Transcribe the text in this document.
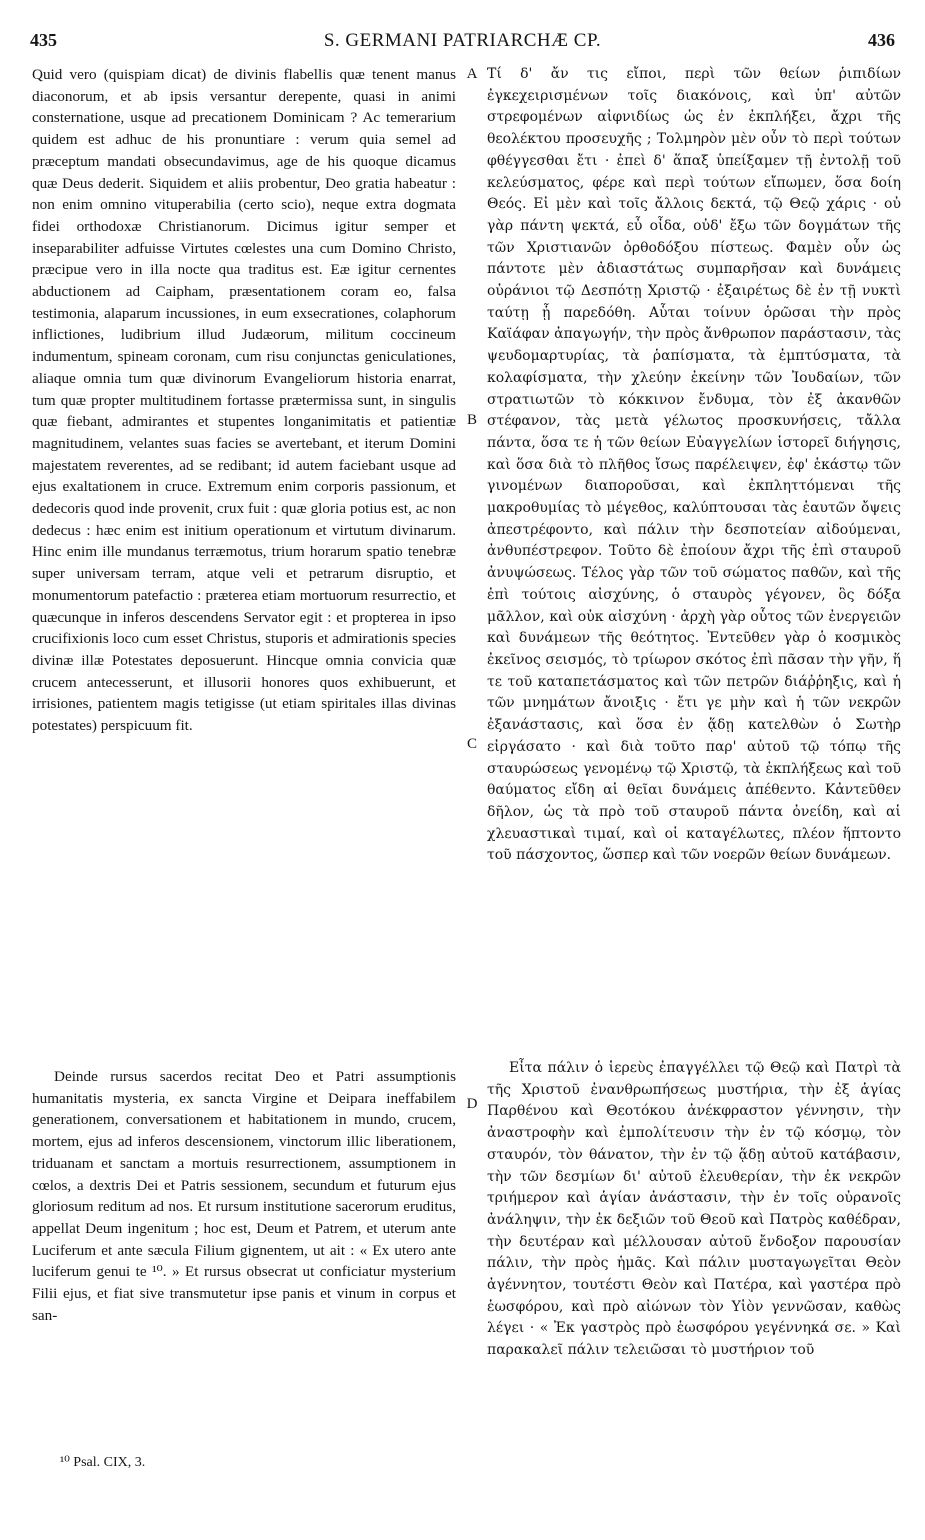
435	S. GERMANI PATRIARCHÆ CP.	436

Quid vero (quispiam dicat) de divinis flabellis quæ tenent manus diaconorum, et ab ipsis versantur derepente, quasi in animi consternatione, usque ad precationem Dominicam ? Ac temerarium quidem est adhuc de his pronuntiare : verum quia semel ad præceptum mandati obsecundavimus, age de his quoque dicamus quæ Deus dederit. Siquidem et aliis probentur, Deo gratia habeatur : non enim omnino vituperabilia (certo scio), neque extra dogmata fidei orthodoxæ Christianorum. Dicimus igitur semper et inseparabiliter adfuisse Virtutes cœlestes una cum Domino Christo, præcipue vero in illa nocte qua traditus est. Eæ igitur cernentes abductionem ad Caipham, præsentationem coram eo, falsa testimonia, alaparum incussiones, in eum exsecrationes, colaphorum inflictiones, ludibrium illud Judæorum, militum coccineum indumentum, spineam coronam, cum risu conjunctas geniculationes, aliaque omnia tum quæ divinorum Evangeliorum historia enarrat, tum quæ propter multitudinem fortasse prætermissa sunt, in singulis quæ fiebant, admirantes et stupentes longanimitatis et patientiæ magnitudinem, velantes suas facies se avertebant, et iterum Domini majestatem reverentes, ad se redibant; id autem faciebant usque ad ejus exaltationem in cruce. Extremum enim corporis passionum, et dedecoris quod inde provenit, crux fuit : quæ gloria potius est, ac non dedecus : hæc enim est initium operationum et virtutum divinarum. Hinc enim ille mundanus terræmotus, trium horarum spatio tenebræ super universam terram, atque veli et petrarum disruptio, et monumentorum patefactio : præterea etiam mortuorum resurrectio, et quæcunque in inferos descendens Servator egit : et propterea in ipso crucifixionis loco cum esset Christus, stuporis et admirationis species divinæ illæ Potestates deposuerunt. Hincque omnia convicia quæ crucem antecesserunt, et illusorii honores quos exhibuerunt, et irrisiones, patientem magis tetigisse (ut etiam spiritales illas divinas potestates) perspicuum fit.

Τί δ' ἄν τις εἴποι, περὶ τῶν θείων ῥιπιδίων ἐγκεχειρισμένων τοῖς διακόνοις, καὶ ὑπ' αὐτῶν στρεφομένων αἰφνιδίως ὡς ἐν ἐκπλήξει, ἄχρι τῆς θεολέκτου προσευχῆς ; Τολμηρὸν μὲν οὖν τὸ περὶ τούτων φθέγγεσθαι ἔτι · ἐπεὶ δ' ἅπαξ ὑπείξαμεν τῇ ἐντολῇ τοῦ κελεύσματος, φέρε καὶ περὶ τούτων εἴπωμεν, ὅσα δοίη Θεός. Εἰ μὲν καὶ τοῖς ἄλλοις δεκτά, τῷ Θεῷ χάρις · οὐ γὰρ πάντη ψεκτά, εὖ οἶδα, οὐδ' ἔξω τῶν δογμάτων τῆς τῶν Χριστιανῶν ὀρθοδόξου πίστεως. Φαμὲν οὖν ὡς πάντοτε μὲν ἀδιαστάτως συμπαρῆσαν καὶ δυνάμεις οὐράνιοι τῷ Δεσπότῃ Χριστῷ · ἐξαιρέτως δὲ ἐν τῇ νυκτὶ ταύτῃ ᾗ παρεδόθη. Αὗται τοίνυν ὁρῶσαι τὴν πρὸς Καϊάφαν ἀπαγωγήν, τὴν πρὸς ἄνθρωπον παράστασιν, τὰς ψευδομαρτυρίας, τὰ ῥαπίσματα, τὰ ἐμπτύσματα, τὰ κολαφίσματα, τὴν χλεύην ἐκείνην τῶν Ἰουδαίων, τῶν στρατιωτῶν τὸ κόκκινον ἔνδυμα, τὸν ἐξ ἀκανθῶν στέφανον, τὰς μετὰ γέλωτος προσκυνήσεις, τἄλλα πάντα, ὅσα τε ἡ τῶν θείων Εὐαγγελίων ἱστορεῖ διήγησις, καὶ ὅσα διὰ τὸ πλῆθος ἴσως παρέλειψεν, ἐφ' ἑκάστῳ τῶν γινομένων διαποροῦσαι, καὶ ἐκπληττόμεναι τῆς μακροθυμίας τὸ μέγεθος, καλύπτουσαι τὰς ἑαυτῶν ὄψεις ἀπεστρέφοντο, καὶ πάλιν τὴν δεσποτείαν αἰδούμεναι, ἀνθυπέστρεφον. Τοῦτο δὲ ἐποίουν ἄχρι τῆς ἐπὶ σταυροῦ ἀνυψώσεως. Τέλος γὰρ τῶν τοῦ σώματος παθῶν, καὶ τῆς ἐπὶ τούτοις αἰσχύνης, ὁ σταυρὸς γέγονεν, ὃς δόξα μᾶλλον, καὶ οὐκ αἰσχύνη · ἀρχὴ γὰρ οὗτος τῶν ἐνεργειῶν καὶ δυνάμεων τῆς θεότητος. Ἐντεῦθεν γὰρ ὁ κοσμικὸς ἐκεῖνος σεισμός, τὸ τρίωρον σκότος ἐπὶ πᾶσαν τὴν γῆν, ἥ τε τοῦ καταπετάσματος καὶ τῶν πετρῶν διάῤῥηξις, καὶ ἡ τῶν μνημάτων ἄνοιξις · ἔτι γε μὴν καὶ ἡ τῶν νεκρῶν ἐξανάστασις, καὶ ὅσα ἐν ᾅδῃ κατελθὼν ὁ Σωτὴρ εἰργάσατο · καὶ διὰ τοῦτο παρ' αὐτοῦ τῷ τόπῳ τῆς σταυρώσεως γενομένῳ τῷ Χριστῷ, τὰ ἐκπλήξεως καὶ τοῦ θαύματος εἴδη αἱ θεῖαι δυνάμεις ἀπέθεντο. Κἀντεῦθεν δῆλον, ὡς τὰ πρὸ τοῦ σταυροῦ πάντα ὀνείδη, καὶ αἱ χλευαστικαὶ τιμαί, καὶ οἱ καταγέλωτες, πλέον ἥπτοντο τοῦ πάσχοντος, ὥσπερ καὶ τῶν νοερῶν θείων δυνάμεων.

A
B
C
D

Deinde rursus sacerdos recitat Deo et Patri assumptionis humanitatis mysteria, ex sancta Virgine et Deipara ineffabilem generationem, conversationem et habitationem in mundo, crucem, mortem, ejus ad inferos descensionem, vinctorum illic liberationem, triduanam et sanctam a mortuis resurrectionem, assumptionem in cœlos, a dextris Dei et Patris sessionem, secundum et futurum ejus gloriosum reditum ad nos. Et rursum institutione sacerorum eruditus, appellat Deum ingenitum ; hoc est, Deum et Patrem, et uterum ante Luciferum et ante sæcula Filium gignentem, ut ait : « Ex utero ante luciferum genui te ¹⁰. » Et rursus obsecrat ut conficiatur mysterium Filii ejus, et fiat sive transmutetur ipse panis et vinum in corpus et san-

Εἶτα πάλιν ὁ ἱερεὺς ἐπαγγέλλει τῷ Θεῷ καὶ Πατρὶ τὰ τῆς Χριστοῦ ἐνανθρωπήσεως μυστήρια, τὴν ἐξ ἁγίας Παρθένου καὶ Θεοτόκου ἀνέκφραστον γέννησιν, τὴν ἀναστροφὴν καὶ ἐμπολίτευσιν τὴν ἐν τῷ κόσμῳ, τὸν σταυρόν, τὸν θάνατον, τὴν ἐν τῷ ᾅδῃ αὐτοῦ κατάβασιν, τὴν τῶν δεσμίων δι' αὐτοῦ ἐλευθερίαν, τὴν ἐκ νεκρῶν τριήμερον καὶ ἁγίαν ἀνάστασιν, τὴν ἐν τοῖς οὐρανοῖς ἀνάληψιν, τὴν ἐκ δεξιῶν τοῦ Θεοῦ καὶ Πατρὸς καθέδραν, τὴν δευτέραν καὶ μέλλουσαν αὐτοῦ ἔνδοξον παρουσίαν πάλιν, τὴν πρὸς ἡμᾶς. Καὶ πάλιν μυσταγωγεῖται Θεὸν ἀγέννητον, τουτέστι Θεὸν καὶ Πατέρα, καὶ γαστέρα πρὸ ἑωσφόρου, καὶ πρὸ αἰώνων τὸν Υἱὸν γεννῶσαν, καθὼς λέγει · « Ἐκ γαστρὸς πρὸ ἑωσφόρου γεγέννηκά σε. » Καὶ παρακαλεῖ πάλιν τελειῶσαι τὸ μυστήριον τοῦ

¹⁰ Psal. CIX, 3.
